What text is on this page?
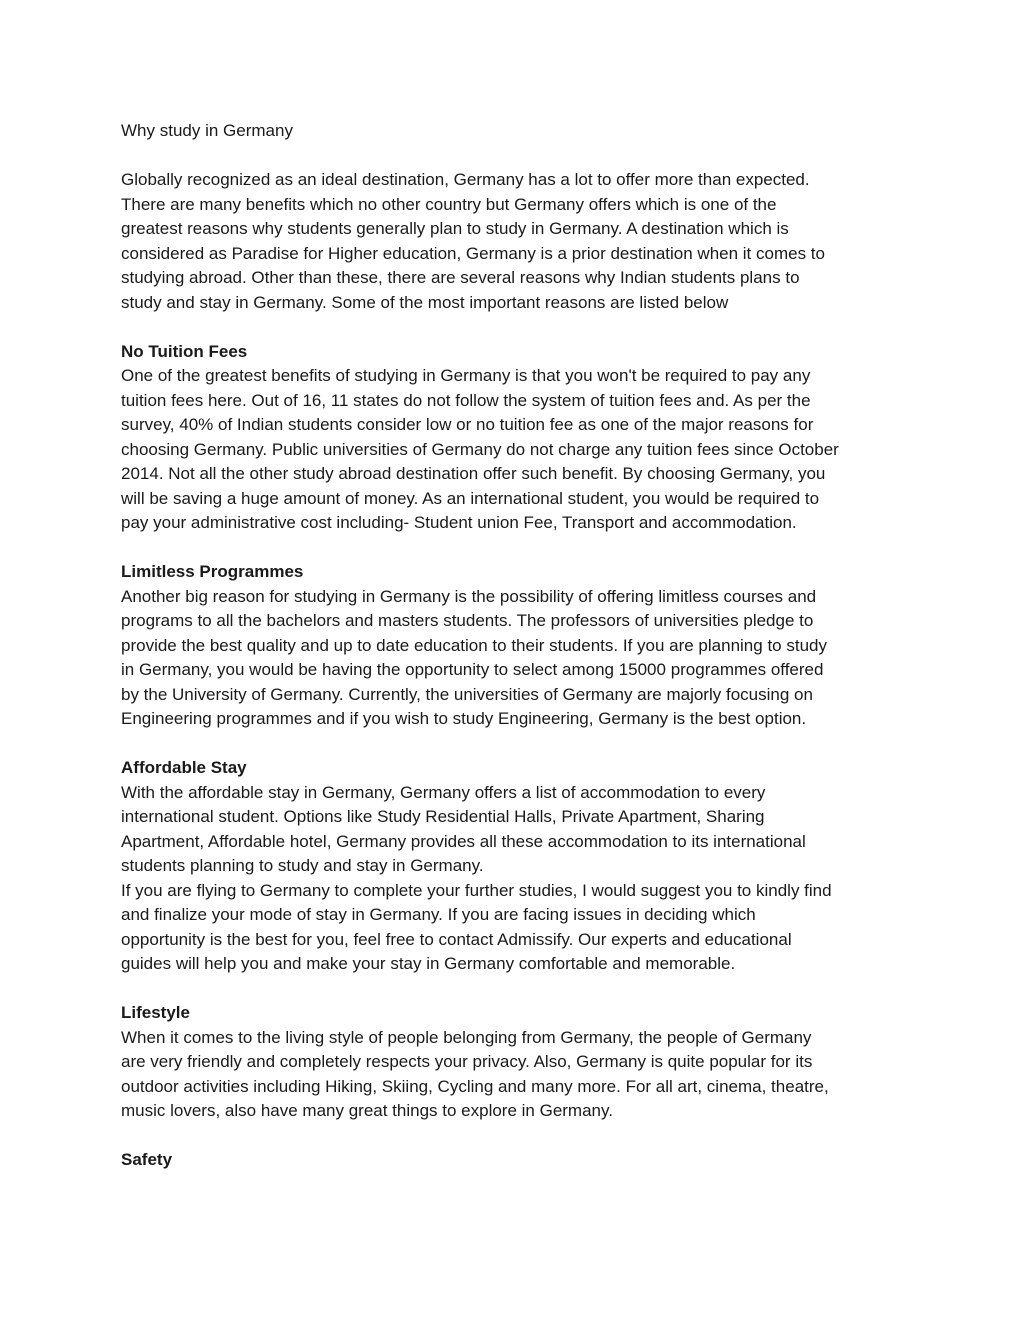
Why study in Germany

Globally recognized as an ideal destination, Germany has a lot to offer more than expected.
There are many benefits which no other country but Germany offers which is one of the
greatest reasons why students generally plan to study in Germany. A destination which is
considered as Paradise for Higher education, Germany is a prior destination when it comes to
studying abroad. Other than these, there are several reasons why Indian students plans to
study and stay in Germany. Some of the most important reasons are listed below

No Tuition Fees

One of the greatest benefits of studying in Germany is that you won't be required to pay any
tuition fees here. Out of 16, 11 states do not follow the system of tuition fees and. As per the
survey, 40% of Indian students consider low or no tuition fee as one of the major reasons for
choosing Germany. Public universities of Germany do not charge any tuition fees since October
2014. Not all the other study abroad destination offer such benefit. By choosing Germany, you
will be saving a huge amount of money. As an international student, you would be required to
pay your administrative cost including- Student union Fee, Transport and accommodation.

Limitless Programmes

Another big reason for studying in Germany is the possibility of offering limitless courses and
programs to all the bachelors and masters students. The professors of universities pledge to
provide the best quality and up to date education to their students. If you are planning to study
in Germany, you would be having the opportunity to select among 15000 programmes offered
by the University of Germany. Currently, the universities of Germany are majorly focusing on
Engineering programmes and if you wish to study Engineering, Germany is the best option.

Affordable Stay

With the affordable stay in Germany, Germany offers a list of accommodation to every
international student. Options like Study Residential Halls, Private Apartment, Sharing
Apartment, Affordable hotel, Germany provides all these accommodation to its international
students planning to study and stay in Germany.
If you are flying to Germany to complete your further studies, I would suggest you to kindly find
and finalize your mode of stay in Germany. If you are facing issues in deciding which
opportunity is the best for you, feel free to contact Admissify. Our experts and educational
guides will help you and make your stay in Germany comfortable and memorable.

Lifestyle

When it comes to the living style of people belonging from Germany, the people of Germany
are very friendly and completely respects your privacy. Also, Germany is quite popular for its
outdoor activities including Hiking, Skiing, Cycling and many more. For all art, cinema, theatre,
music lovers, also have many great things to explore in Germany.

Safety
